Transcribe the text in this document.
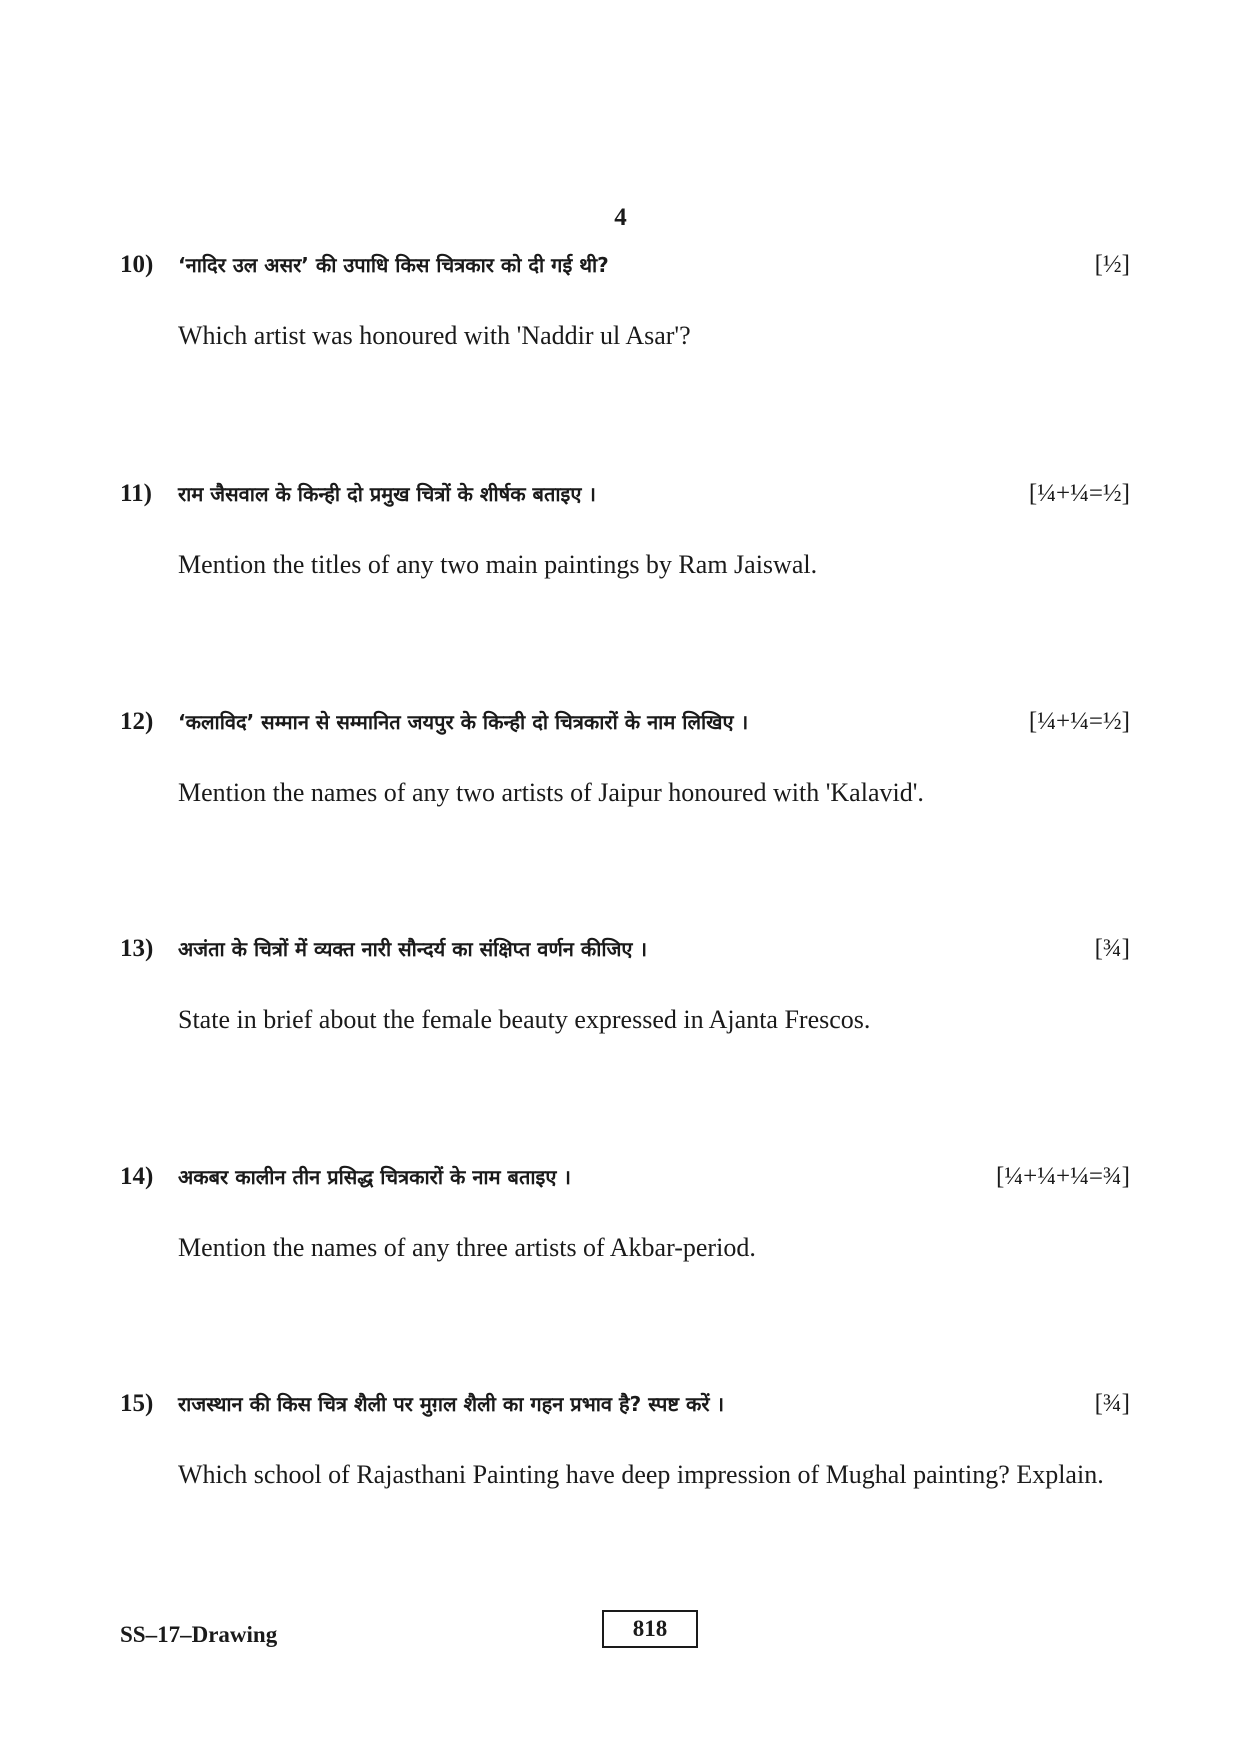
4
10) ‘नादिर उल असर’ की उपाधि किस चित्रकार को दी गई थी?	[½]
Which artist was honoured with 'Naddir ul Asar'?
11) राम जैसवाल के किन्ही दो प्रमुख चित्रों के शीर्षक बताइए ।	[¼+¼=½]
Mention the titles of any two main paintings by Ram Jaiswal.
12) ‘कलाविद’ सम्मान से सम्मानित जयपुर के किन्ही दो चित्रकारों के नाम लिखिए ।	[¼+¼=½]
Mention the names of any two artists of Jaipur honoured with 'Kalavid'.
13) अजंता के चित्रों में व्यक्त नारी सौन्दर्य का संक्षिप्त वर्णन कीजिए ।	[¾]
State in brief about the female beauty expressed in Ajanta Frescos.
14) अकबर कालीन तीन प्रसिद्ध चित्रकारों के नाम बताइए ।	[¼+¼+¼=¾]
Mention the names of any three artists of Akbar-period.
15) राजस्थान की किस चित्र शैली पर मुग़ल शैली का गहन प्रभाव है? स्पष्ट करें ।	[¾]
Which school of Rajasthani Painting have deep impression of Mughal painting? Explain.
SS–17–Drawing	818
